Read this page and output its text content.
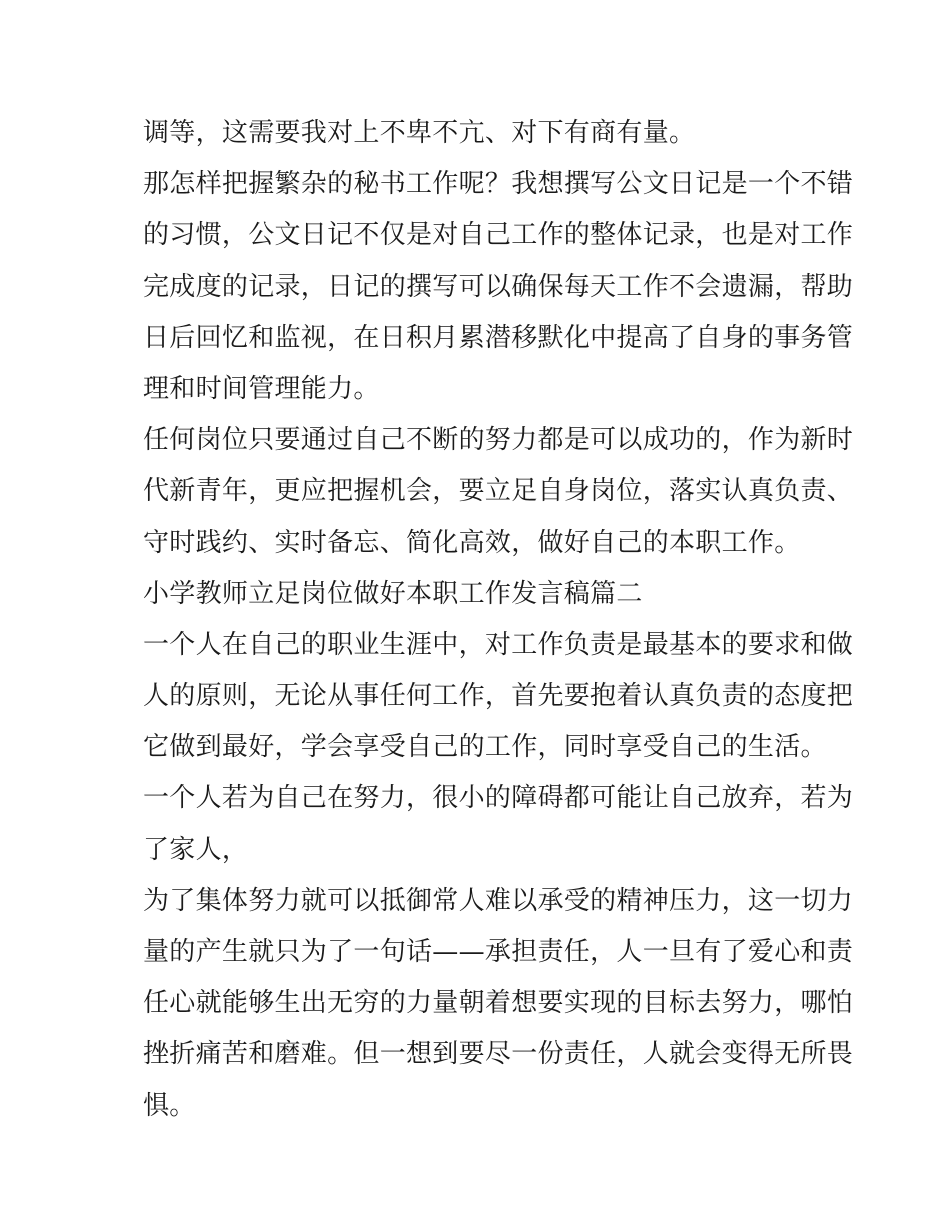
调等，这需要我对上不卑不亢、对下有商有量。
那怎样把握繁杂的秘书工作呢？我想撰写公文日记是一个不错
的习惯，公文日记不仅是对自己工作的整体记录，也是对工作
完成度的记录，日记的撰写可以确保每天工作不会遗漏，帮助
日后回忆和监视，在日积月累潜移默化中提高了自身的事务管
理和时间管理能力。
任何岗位只要通过自己不断的努力都是可以成功的，作为新时
代新青年，更应把握机会，要立足自身岗位，落实认真负责、
守时践约、实时备忘、简化高效，做好自己的本职工作。
小学教师立足岗位做好本职工作发言稿篇二
一个人在自己的职业生涯中，对工作负责是最基本的要求和做
人的原则，无论从事任何工作，首先要抱着认真负责的态度把
它做到最好，学会享受自己的工作，同时享受自己的生活。
一个人若为自己在努力，很小的障碍都可能让自己放弃，若为
了家人，
为了集体努力就可以抵御常人难以承受的精神压力，这一切力
量的产生就只为了一句话——承担责任，人一旦有了爱心和责
任心就能够生出无穷的力量朝着想要实现的目标去努力，哪怕
挫折痛苦和磨难。但一想到要尽一份责任，人就会变得无所畏
惧。
